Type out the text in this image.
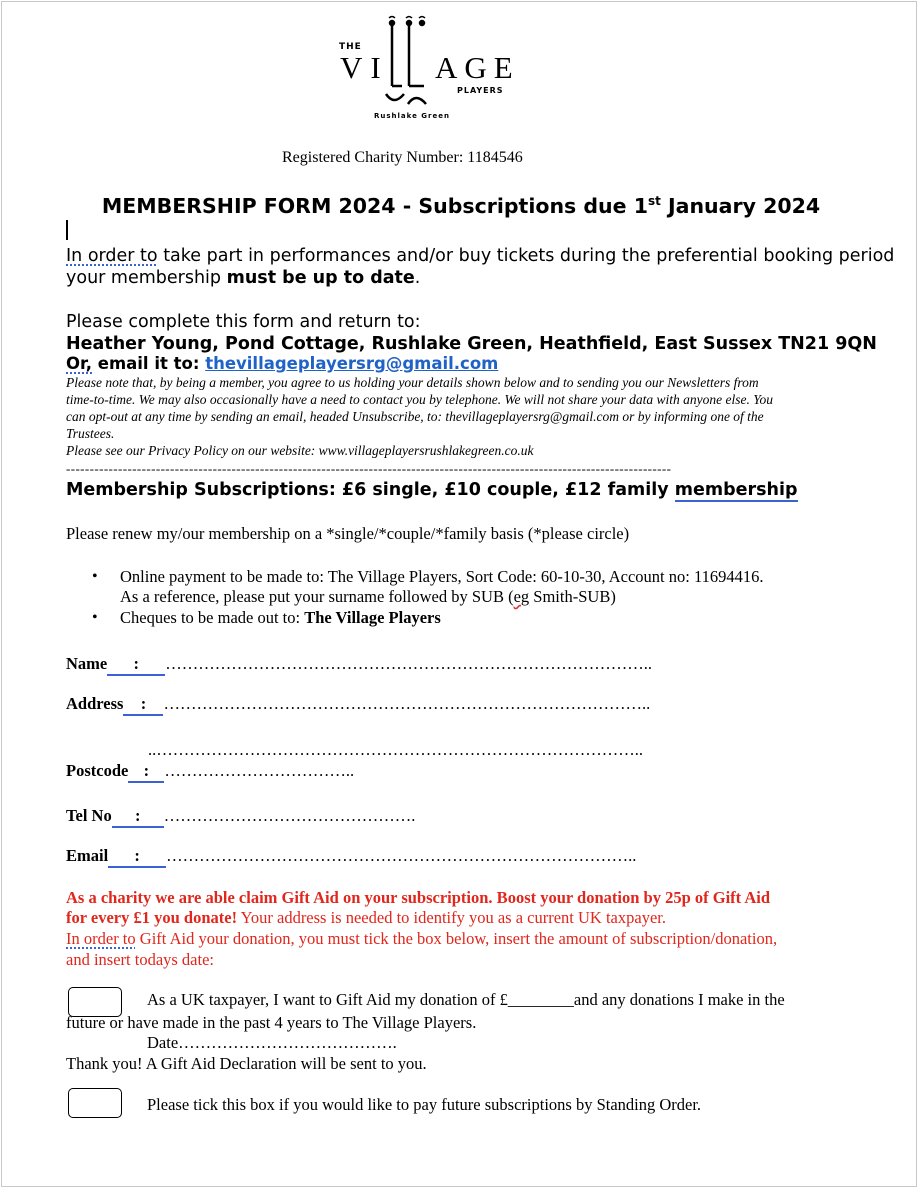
THE
VI AGE
PLAYERS
Rushlake Green
Registered Charity Number: 1184546
MEMBERSHIP FORM 2024 - Subscriptions due 1st January 2024
In order to take part in performances and/or buy tickets during the preferential booking period
your membership must be up to date.
Please complete this form and return to:
Heather Young, Pond Cottage, Rushlake Green, Heathfield, East Sussex TN21 9QN
Or, email it to: thevillageplayersrg@gmail.com
Please note that, by being a member, you agree to us holding your details shown below and to sending you our Newsletters from
time-to-time. We may also occasionally have a need to contact you by telephone. We will not share your data with anyone else. You
can opt-out at any time by sending an email, headed Unsubscribe, to: thevillageplayersrg@gmail.com or by informing one of the
Trustees.
Please see our Privacy Policy on our website: www.villageplayersrushlakegreen.co.uk
--------------------------------------------------------------------------------------------------------------------------------
Membership Subscriptions: £6 single, £10 couple, £12 family membership
Please renew my/our membership on a *single/*couple/*family basis (*please circle)
• Online payment to be made to: The Village Players, Sort Code: 60-10-30, Account no: 11694416.
As a reference, please put your surname followed by SUB (eg Smith-SUB)
• Cheques to be made out to: The Village Players
Name : ……………………………………………………………………………..
Address : ……………………………………………………………………………..
..……………………………………………………………………………..
Postcode : ……………………………..
Tel No : ……………………………………….
Email : …………………………………………………………………………..
As a charity we are able claim Gift Aid on your subscription. Boost your donation by 25p of Gift Aid
for every £1 you donate! Your address is needed to identify you as a current UK taxpayer.
In order to Gift Aid your donation, you must tick the box below, insert the amount of subscription/donation,
and insert todays date:
As a UK taxpayer, I want to Gift Aid my donation of £________and any donations I make in the
future or have made in the past 4 years to The Village Players.
Date………………………………….
Thank you! A Gift Aid Declaration will be sent to you.
Please tick this box if you would like to pay future subscriptions by Standing Order.
